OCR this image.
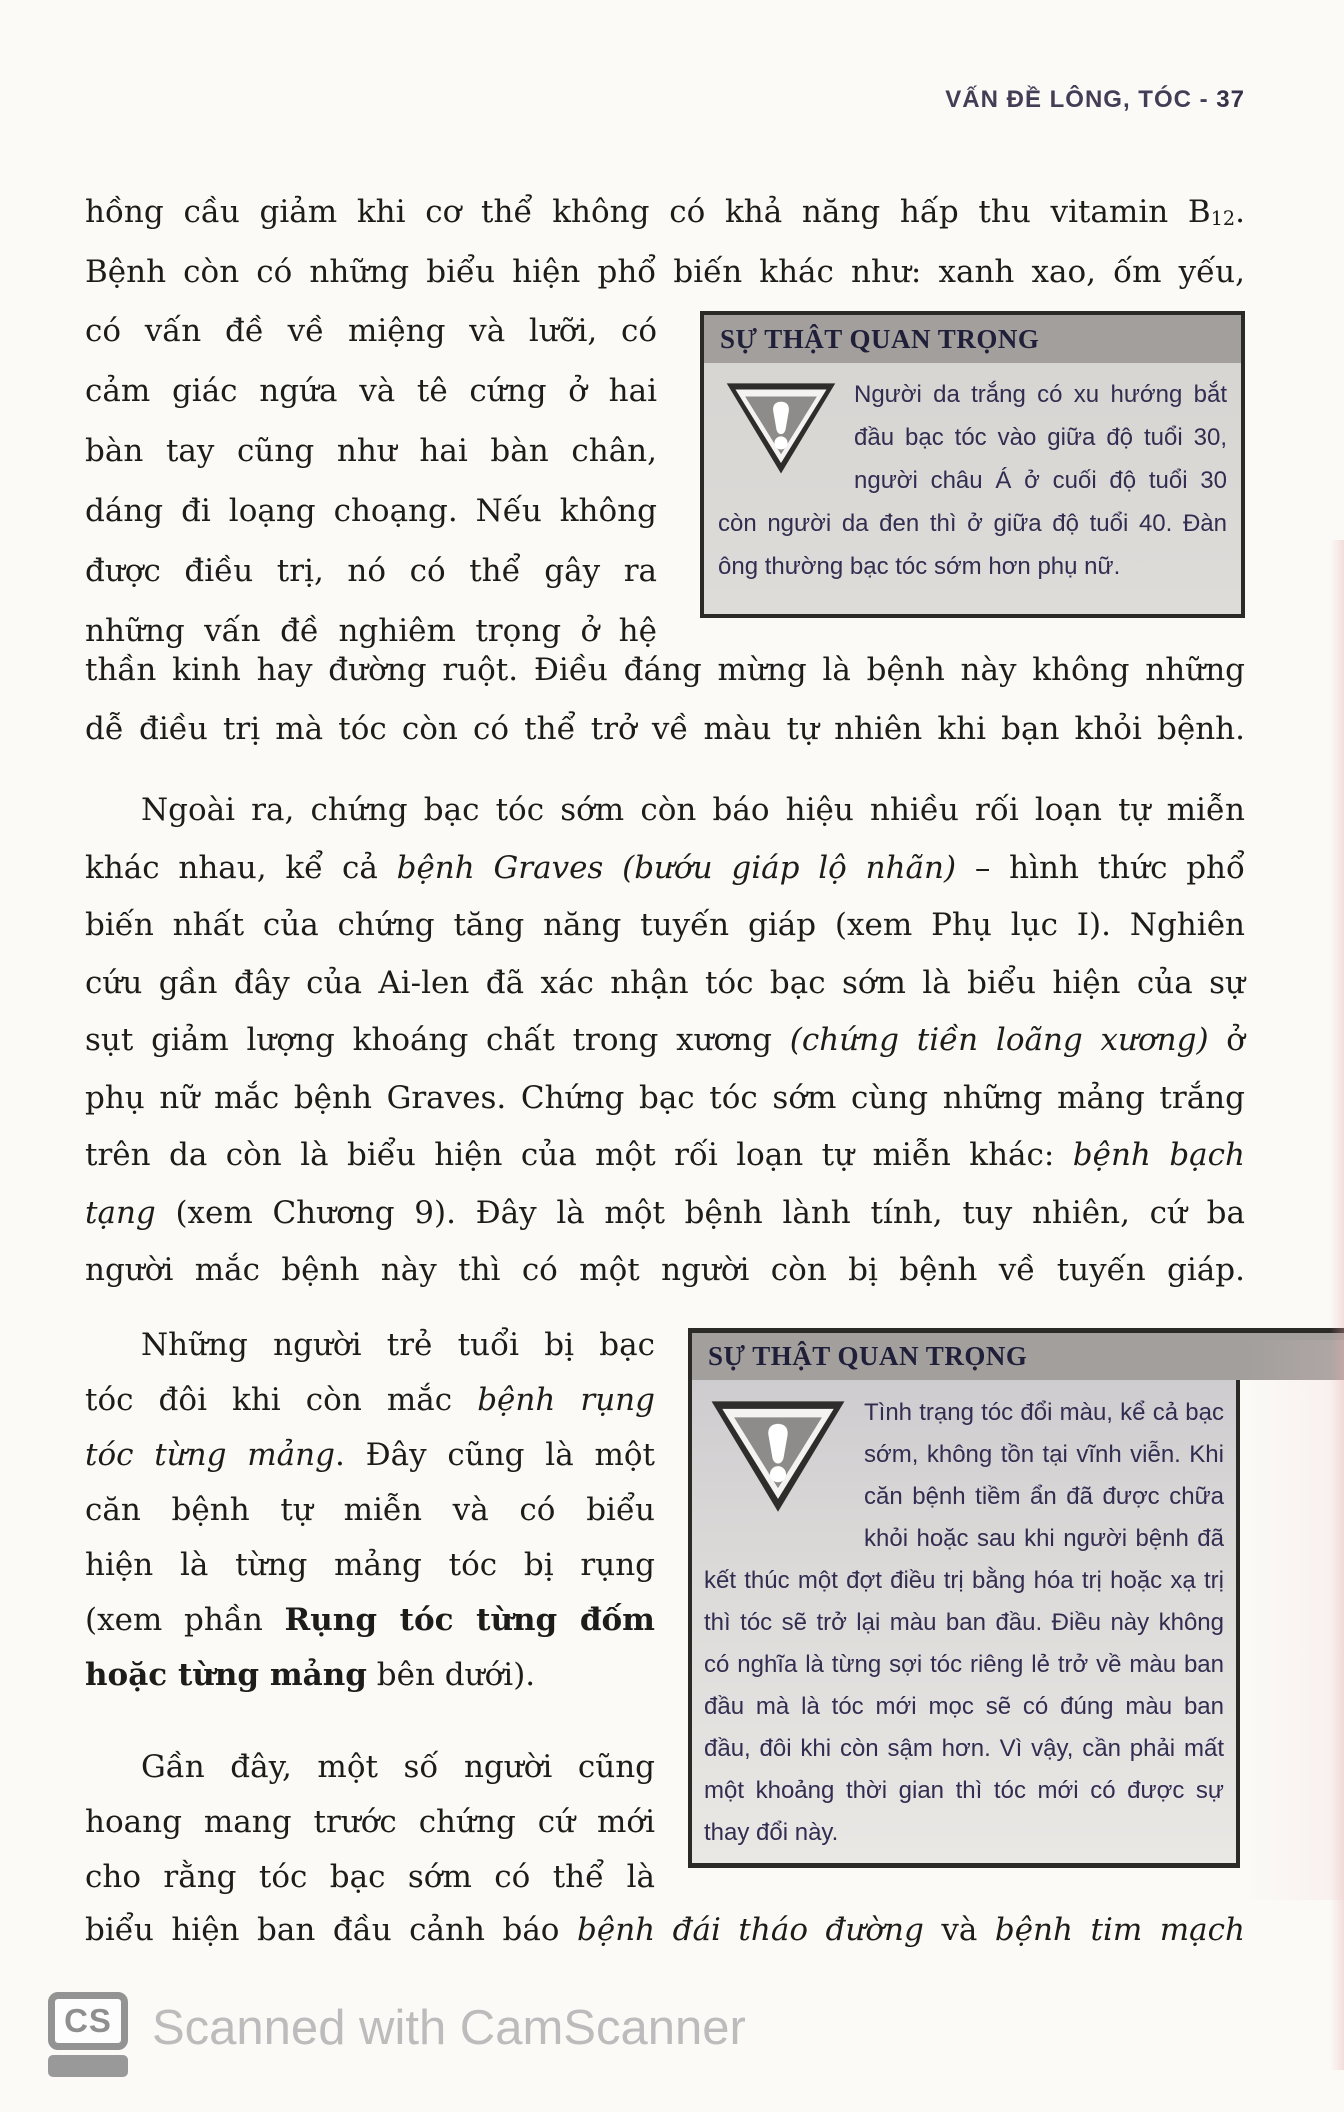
VẤN ĐỀ LÔNG, TÓC - 37
hồng cầu giảm khi cơ thể không có khả năng hấp thu vitamin B12.
Bệnh còn có những biểu hiện phổ biến khác như: xanh xao, ốm yếu,
có vấn đề về miệng và lưỡi, có
cảm giác ngứa và tê cứng ở hai
bàn tay cũng như hai bàn chân,
dáng đi loạng choạng. Nếu không
được điều trị, nó có thể gây ra
những vấn đề nghiêm trọng ở hệ
thần kinh hay đường ruột. Điều đáng mừng là bệnh này không những
dễ điều trị mà tóc còn có thể trở về màu tự nhiên khi bạn khỏi bệnh.
SỰ THẬT QUAN TRỌNG
Người da trắng có xu hướng bắt đầu bạc tóc vào giữa độ tuổi 30, người châu Á ở cuối độ tuổi 30 còn người da đen thì ở giữa độ tuổi 40. Đàn ông thường bạc tóc sớm hơn phụ nữ.
Ngoài ra, chứng bạc tóc sớm còn báo hiệu nhiều rối loạn tự miễn
khác nhau, kể cả bệnh Graves (bướu giáp lộ nhãn) – hình thức phổ
biến nhất của chứng tăng năng tuyến giáp (xem Phụ lục I). Nghiên
cứu gần đây của Ai-len đã xác nhận tóc bạc sớm là biểu hiện của sự
sụt giảm lượng khoáng chất trong xương (chứng tiền loãng xương) ở
phụ nữ mắc bệnh Graves. Chứng bạc tóc sớm cùng những mảng trắng
trên da còn là biểu hiện của một rối loạn tự miễn khác: bệnh bạch
tạng (xem Chương 9). Đây là một bệnh lành tính, tuy nhiên, cứ ba
người mắc bệnh này thì có một người còn bị bệnh về tuyến giáp.
Những người trẻ tuổi bị bạc
tóc đôi khi còn mắc bệnh rụng
tóc từng mảng. Đây cũng là một
căn bệnh tự miễn và có biểu
hiện là từng mảng tóc bị rụng
(xem phần Rụng tóc từng đốm
hoặc từng mảng bên dưới).
SỰ THẬT QUAN TRỌNG
Tình trạng tóc đổi màu, kể cả bạc sớm, không tồn tại vĩnh viễn. Khi căn bệnh tiềm ẩn đã được chữa khỏi hoặc sau khi người bệnh đã kết thúc một đợt điều trị bằng hóa trị hoặc xạ trị thì tóc sẽ trở lại màu ban đầu. Điều này không có nghĩa là từng sợi tóc riêng lẻ trở về màu ban đầu mà là tóc mới mọc sẽ có đúng màu ban đầu, đôi khi còn sậm hơn. Vì vậy, cần phải mất một khoảng thời gian thì tóc mới có được sự thay đổi này.
Gần đây, một số người cũng
hoang mang trước chứng cứ mới
cho rằng tóc bạc sớm có thể là
biểu hiện ban đầu cảnh báo bệnh đái tháo đường và bệnh tim mạch
CS Scanned with CamScanner
